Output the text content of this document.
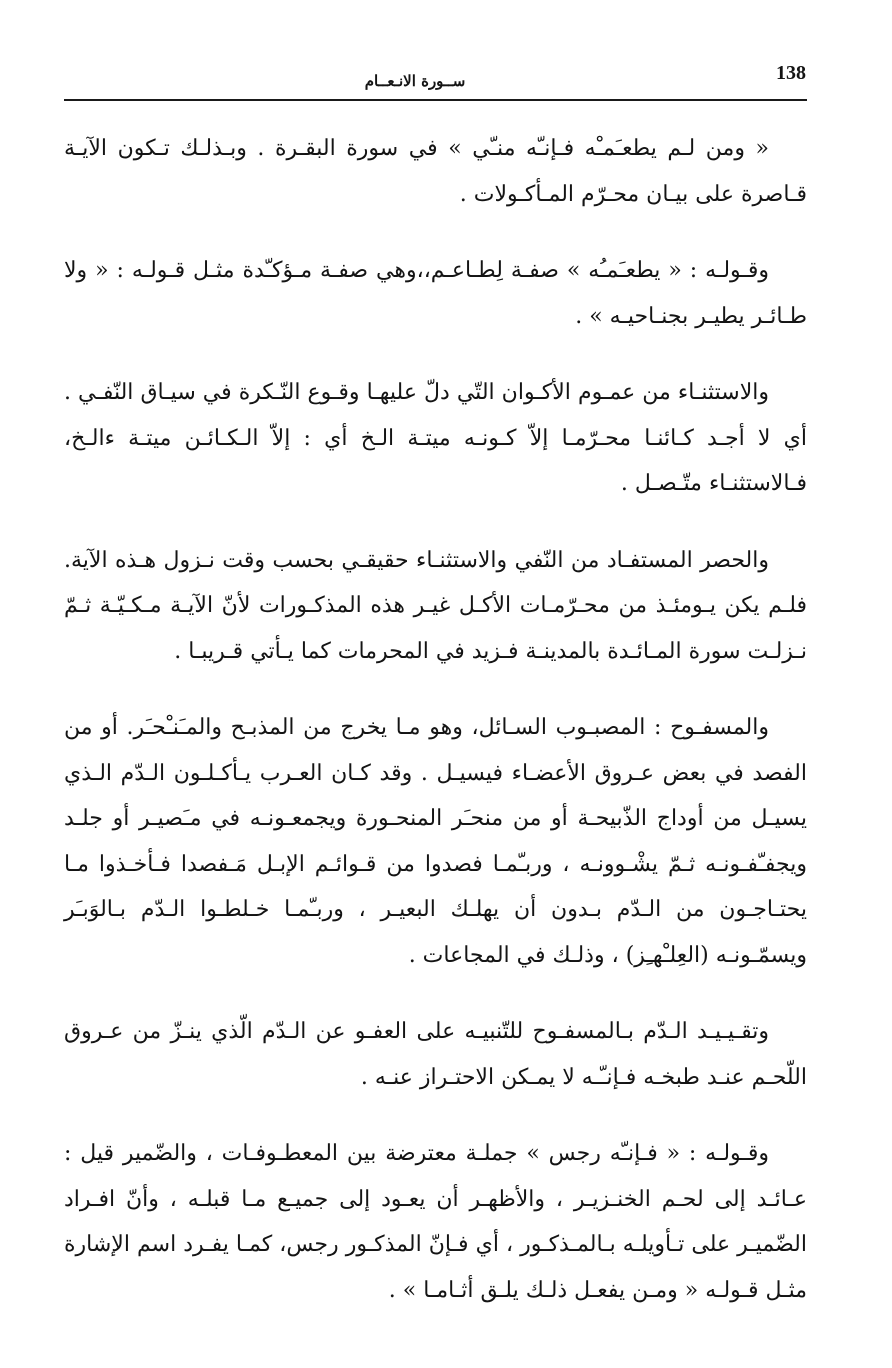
138
ســورة الانـعــام

« ومن لـم يطعـَمـْه فـإنـّه منـّي » في سورة البقـرة . وبـذلـك تـكون الآيـة قـاصرة على بيـان محـرّم المـأكـولات .

وقـولـه : « يطعـَمـُه » صفـة لِطـاعـم،،وهي صفـة مـؤكـّدة مثـل قـولـه : « ولا طـائـر يطيـر بجنـاحيـه » .

والاستثنـاء من عمـوم الأكـوان التّي دلّ عليهـا وقـوع النّـكرة في سيـاق النّفـي . أي لا أجـد كـائنـا محـرّمـا إلاّ كـونـه ميتـة الـخ أي : إلاّ الـكـائـن ميتـة ءالـخ، فـالاستثنـاء متّـصـل .

والحصر المستفـاد من النّفي والاستثنـاء حقيقـي بحسب وقت نـزول هـذه الآية. فلـم يكن يـومئـذ من محـرّمـات الأكـل غيـر هذه المذكـورات لأنّ الآيـة مـكـيّـة ثـمّ نـزلـت سورة المـائـدة بالمدينـة فـزيد في المحرمات كما يـأتي قـريبـا .

والمسفـوح : المصبـوب السـائل، وهو مـا يخرج من المذبـح والمـَنـْحـَر. أو من الفصد في بعض عـروق الأعضـاء فيسيـل . وقد كـان العـرب يـأكـلـون الـدّم الـذي يسيـل من أوداج الذّبيحـة أو من منحـَر المنحـورة ويجمعـونـه في مـَصيـر أو جلـد ويجفـّفـونـه ثـمّ يشْـوونـه ، وربـّمـا فصدوا من قـوائـم الإبـل مَـفصدا فـأخـذوا مـا يحتـاجـون من الـدّم بـدون أن يهلـك البعيـر ، وربـّمـا خـلطـوا الـدّم بـالوَبـَر ويسمّـونـه (العِلـْهـِز) ، وذلـك في المجاعات .

وتقـيـيـد الـدّم بـالمسفـوح للتّنبيـه على العفـو عن الـدّم الّذي ينـزّ من عـروق اللّحـم عنـد طبخـه فـإنـّـه لا يمـكن الاحتـراز عنـه .

وقـولـه : « فـإنـّه رجس » جملـة معترضة بين المعطـوفـات ، والضّمير قيل : عـائـد إلى لحـم الخنـزيـر ، والأظهـر أن يعـود إلى جميـع مـا قبلـه ، وأنّ افـراد الضّميـر على تـأويلـه بـالمـذكـور ، أي فـإنّ المذكـور رجس، كمـا يفـرد اسم الإشارة مثـل قـولـه « ومـن يفعـل ذلـك يلـق أثـامـا » .
